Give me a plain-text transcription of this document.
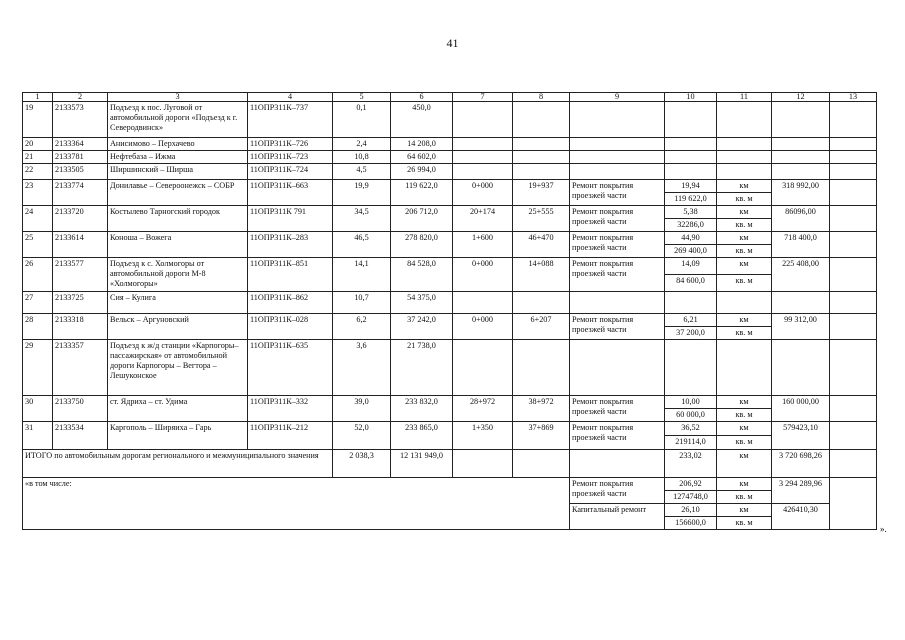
41
1	2	3	4	5	6	7	8	9	10	11	12	13
19	2133573	Подъезд к пос. Луговой от автомобильной дороги «Подъезд к г. Северодвинск»	11ОПР311К–737	0,1	450,0							
20	2133364	Анисимово – Перхачево	11ОПР311К–726	2,4	14 208,0							
21	2133781	Нефтебаза – Ижма	11ОПР311К–723	10,8	64 602,0							
22	2133505	Ширшинский – Ширша	11ОПР311К–724	4,5	26 994,0							
23	2133774	Донилавье – Североонежск – СОБР	11ОПР311К–663	19,9	119 622,0	0+000	19+937	Ремонт покрытия проезжей части	19,94	км	318 992,00	
									119 622,0	кв. м		
24	2133720	Костылево Тарногский городок	11ОПР311К 791	34,5	206 712,0	20+174	25+555	Ремонт покрытия проезжей части	5,38	км	86096,00	
									32286,0	кв. м		
25	2133614	Коноша – Вожега	11ОПР311К–283	46,5	278 820,0	1+600	46+470	Ремонт покрытия проезжей части	44,90	км	718 400,0	
									269 400,0	кв. м		
26	2133577	Подъезд к с. Холмогоры от автомобильной дороги М-8 «Холмогоры»	11ОПР311К–851	14,1	84 528,0	0+000	14+088	Ремонт покрытия проезжей части	14,09	км	225 408,00	
									84 600,0	кв. м		
27	2133725	Сия – Кулига	11ОПР311К–862	10,7	54 375,0							
28	2133318	Вельск – Аргуновский	11ОПР311К–028	6,2	37 242,0	0+000	6+207	Ремонт покрытия проезжей части	6,21	км	99 312,00	
									37 200,0	кв. м		
29	2133357	Подъезд к ж/д станции «Карпогоры–пассажирская» от автомобильной дороги Карпогоры – Вегтора – Лешуконское	11ОПР311К–635	3,6	21 738,0							
30	2133750	ст. Ядриха – ст. Удима	11ОПР311К–332	39,0	233 832,0	28+972	38+972	Ремонт покрытия проезжей части	10,00	км	160 000,00	
									60 000,0	кв. м		
31	2133534	Каргополь – Ширяиха – Гарь	11ОПР311К–212	52,0	233 865,0	1+350	37+869	Ремонт покрытия проезжей части	36,52	км	579423,10	
									219114,0	кв. м		
ИТОГО по автомобильным дорогам регионального и межмуниципального значения				2 038,3	12 131 949,0				233,02	км	3 720 698,26	
«в том числе:								Ремонт покрытия проезжей части	206,92	км	3 294 289,96	
									1274748,0	кв. м		
								Капитальный ремонт	26,10	км	426410,30	
									156600,0	кв. м		
».
